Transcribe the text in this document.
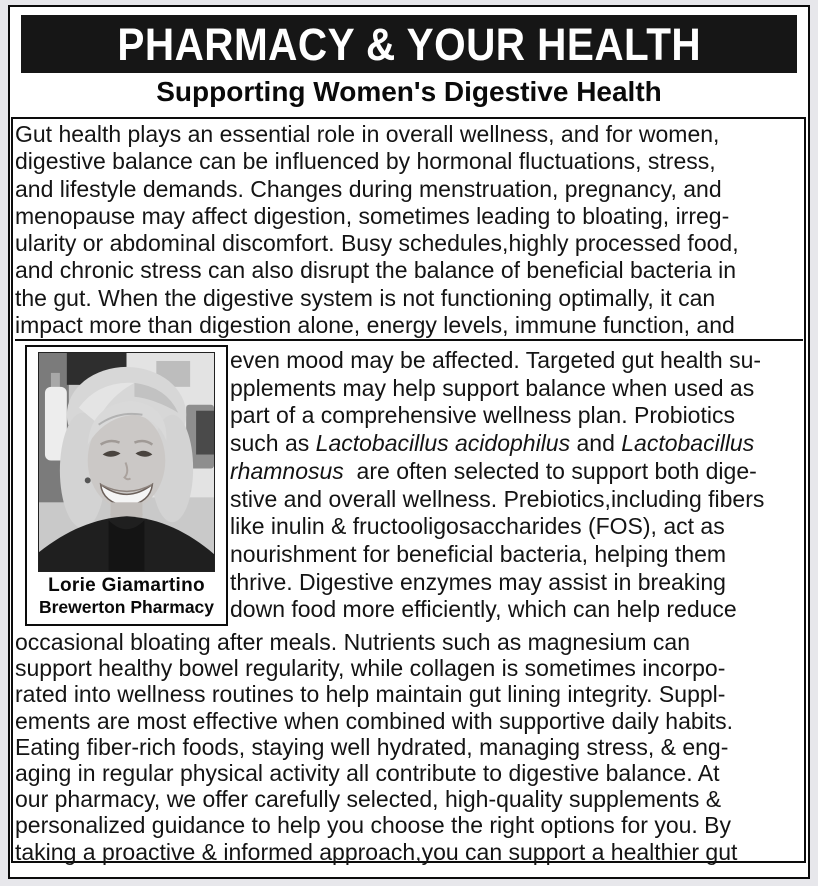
PHARMACY & YOUR HEALTH
Supporting Women's Digestive Health
Gut health plays an essential role in overall wellness, and for women,
digestive balance can be influenced by hormonal fluctuations, stress,
and lifestyle demands. Changes during menstruation, pregnancy, and
menopause may affect digestion, sometimes leading to bloating, irreg-
ularity or abdominal discomfort. Busy schedules,highly processed food,
and chronic stress can also disrupt the balance of beneficial bacteria in
the gut. When the digestive system is not functioning optimally, it can
impact more than digestion alone, energy levels, immune function, and
Lorie Giamartino
Brewerton Pharmacy
even mood may be affected. Targeted gut health su-
pplements may help support balance when used as
part of a comprehensive wellness plan. Probiotics
such as Lactobacillus acidophilus and Lactobacillus
rhamnosus  are often selected to support both dige-
stive and overall wellness. Prebiotics,including fibers
like inulin & fructooligosaccharides (FOS), act as
nourishment for beneficial bacteria, helping them
thrive. Digestive enzymes may assist in breaking
down food more efficiently, which can help reduce
occasional bloating after meals. Nutrients such as magnesium can
support healthy bowel regularity, while collagen is sometimes incorpo-
rated into wellness routines to help maintain gut lining integrity. Suppl-
ements are most effective when combined with supportive daily habits.
Eating fiber-rich foods, staying well hydrated, managing stress, & eng-
aging in regular physical activity all contribute to digestive balance. At
our pharmacy, we offer carefully selected, high-quality supplements &
personalized guidance to help you choose the right options for you. By
taking a proactive & informed approach,you can support a healthier gut
